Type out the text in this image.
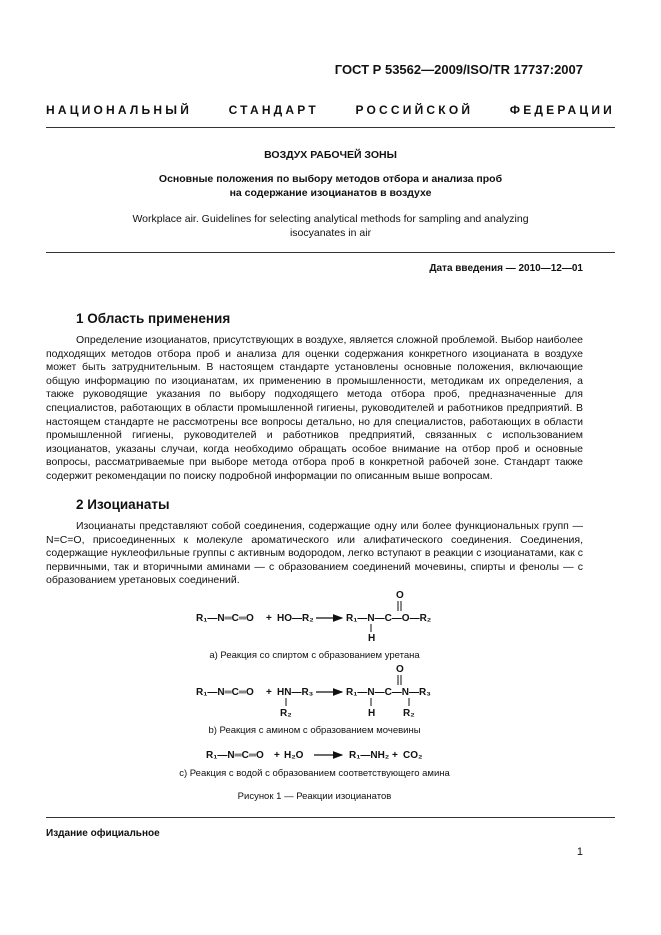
ГОСТ Р 53562—2009/ISO/TR 17737:2007
НАЦИОНАЛЬНЫЙ СТАНДАРТ РОССИЙСКОЙ ФЕДЕРАЦИИ
ВОЗДУХ РАБОЧЕЙ ЗОНЫ
Основные положения по выбору методов отбора и анализа проб
на содержание изоцианатов в воздухе
Workplace air. Guidelines for selecting analytical methods for sampling and analyzing
isocyanates in air
Дата введения — 2010—12—01
1 Область применения
Определение изоцианатов, присутствующих в воздухе, является сложной проблемой. Выбор наиболее подходящих методов отбора проб и анализа для оценки содержания конкретного изоцианата в воздухе может быть затруднительным. В настоящем стандарте установлены основные положения, включающие общую информацию по изоцианатам, их применению в промышленности, методикам их определения, а также руководящие указания по выбору подходящего метода отбора проб, предназначенные для специалистов, работающих в области промышленной гигиены, руководителей и работников предприятий. В настоящем стандарте не рассмотрены все вопросы детально, но для специалистов, работающих в области промышленной гигиены, руководителей и работников предприятий, связанных с использованием изоцианатов, указаны случаи, когда необходимо обращать особое внимание на отбор проб и основные вопросы, рассматриваемые при выборе метода отбора проб в конкретной рабочей зоне. Стандарт также содержит рекомендации по поиску подробной информации по описанным выше вопросам.
2 Изоцианаты
Изоцианаты представляют собой соединения, содержащие одну или более функциональных групп —N=C=O, присоединенных к молекуле ароматического или алифатического соединения. Соединения, содержащие нуклеофильные группы с активным водородом, легко вступают в реакции с изоцианатами, как с первичными, так и вторичными аминами — с образованием соединений мочевины, спирты и фенолы — с образованием уретановых соединений.
R₁—N═C═O + HO—R₂	R₁—N—C—O—R₂
O
H
R₁—N═C═O + HN—R₃
R₂
R₁—N—C—N—R₃
O
H	R₂
R₁—N═C═O + H₂O	R₁—NH₂ + CO₂
a) Реакция со спиртом с образованием уретана
b) Реакция с амином с образованием мочевины
c) Реакция с водой с образованием соответствующего амина
Рисунок 1 — Реакции изоцианатов
Издание официальное
1
